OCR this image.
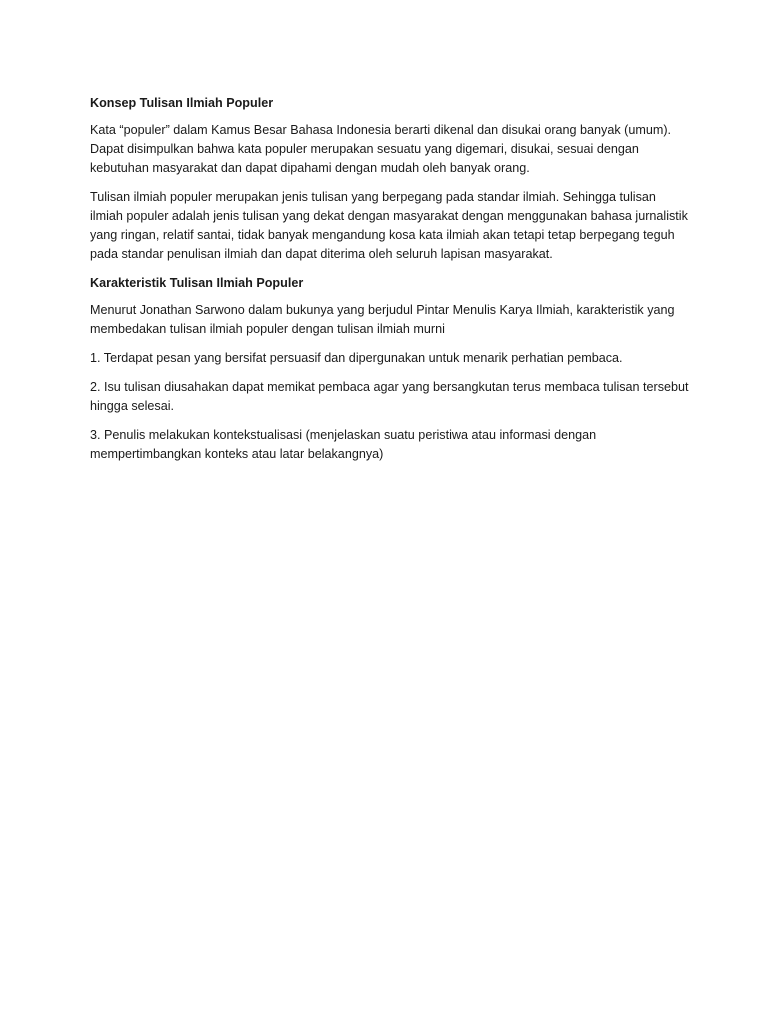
Konsep Tulisan Ilmiah Populer

Kata “populer” dalam Kamus Besar Bahasa Indonesia berarti dikenal dan disukai orang banyak (umum). Dapat disimpulkan bahwa kata populer merupakan sesuatu yang digemari, disukai, sesuai dengan kebutuhan masyarakat dan dapat dipahami dengan mudah oleh banyak orang.

Tulisan ilmiah populer merupakan jenis tulisan yang berpegang pada standar ilmiah. Sehingga tulisan ilmiah populer adalah jenis tulisan yang dekat dengan masyarakat dengan menggunakan bahasa jurnalistik yang ringan, relatif santai, tidak banyak mengandung kosa kata ilmiah akan tetapi tetap berpegang teguh pada standar penulisan ilmiah dan dapat diterima oleh seluruh lapisan masyarakat.

Karakteristik Tulisan Ilmiah Populer

Menurut Jonathan Sarwono dalam bukunya yang berjudul Pintar Menulis Karya Ilmiah, karakteristik yang membedakan tulisan ilmiah populer dengan tulisan ilmiah murni

1. Terdapat pesan yang bersifat persuasif dan dipergunakan untuk menarik perhatian pembaca.

2. Isu tulisan diusahakan dapat memikat pembaca agar yang bersangkutan terus membaca tulisan tersebut hingga selesai.

3. Penulis melakukan kontekstualisasi (menjelaskan suatu peristiwa atau informasi dengan mempertimbangkan konteks atau latar belakangnya)
